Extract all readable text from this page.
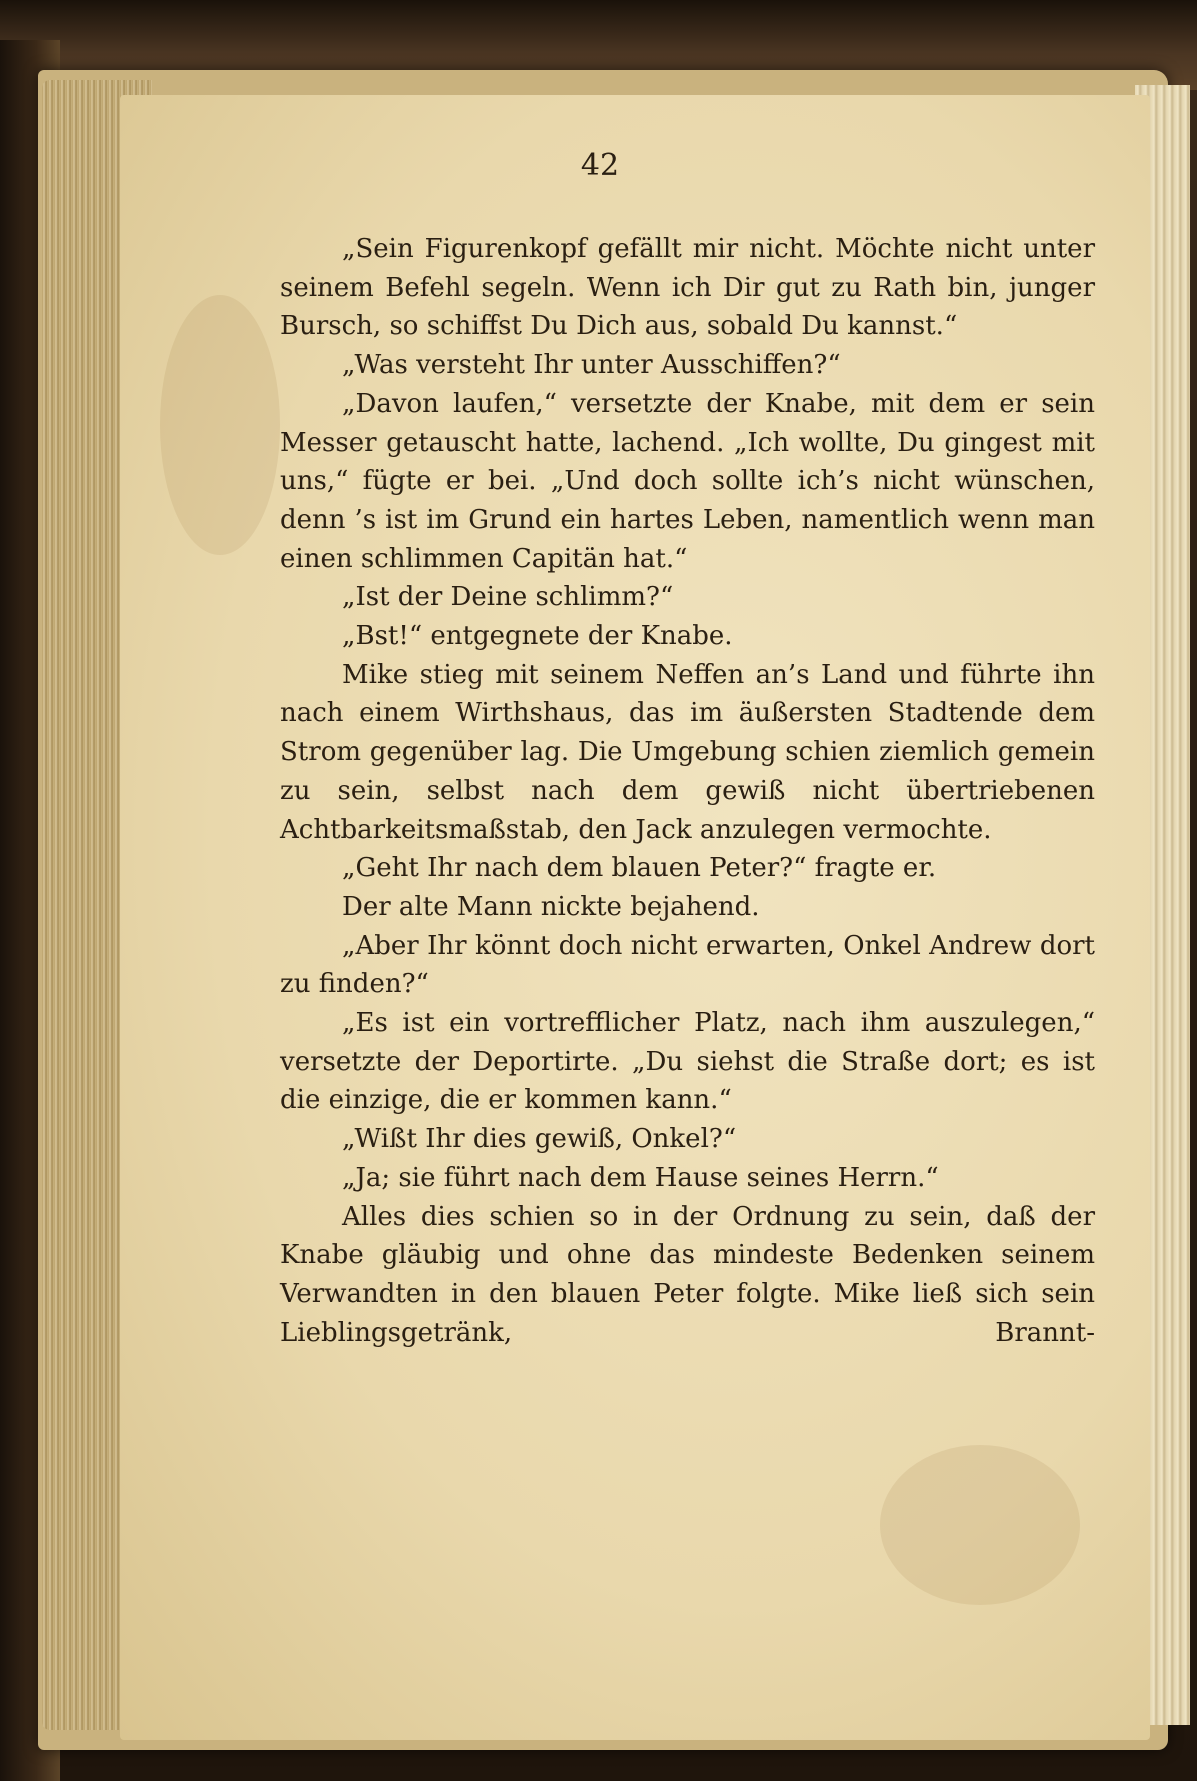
42

„Sein Figurenkopf gefällt mir nicht. Möchte nicht unter seinem Befehl segeln. Wenn ich Dir gut zu Rath bin, junger Bursch, so schiffst Du Dich aus, sobald Du kannst.“

„Was versteht Ihr unter Ausschiffen?“

„Davon laufen,“ versetzte der Knabe, mit dem er sein Messer getauscht hatte, lachend. „Ich wollte, Du gingest mit uns,“ fügte er bei. „Und doch sollte ich’s nicht wünschen, denn ’s ist im Grund ein hartes Leben, namentlich wenn man einen schlimmen Capitän hat.“

„Ist der Deine schlimm?“

„Bst!“ entgegnete der Knabe.

Mike stieg mit seinem Neffen an’s Land und führte ihn nach einem Wirthshaus, das im äußersten Stadtende dem Strom gegenüber lag. Die Umgebung schien ziemlich gemein zu sein, selbst nach dem gewiß nicht übertriebenen Achtbarkeitsmaßstab, den Jack anzulegen vermochte.

„Geht Ihr nach dem blauen Peter?“ fragte er.

Der alte Mann nickte bejahend.

„Aber Ihr könnt doch nicht erwarten, Onkel Andrew dort zu finden?“

„Es ist ein vortrefflicher Platz, nach ihm auszulegen,“ versetzte der Deportirte. „Du siehst die Straße dort; es ist die einzige, die er kommen kann.“

„Wißt Ihr dies gewiß, Onkel?“

„Ja; sie führt nach dem Hause seines Herrn.“

Alles dies schien so in der Ordnung zu sein, daß der Knabe gläubig und ohne das mindeste Bedenken seinem Verwandten in den blauen Peter folgte. Mike ließ sich sein Lieblingsgetränk, Brannt-
